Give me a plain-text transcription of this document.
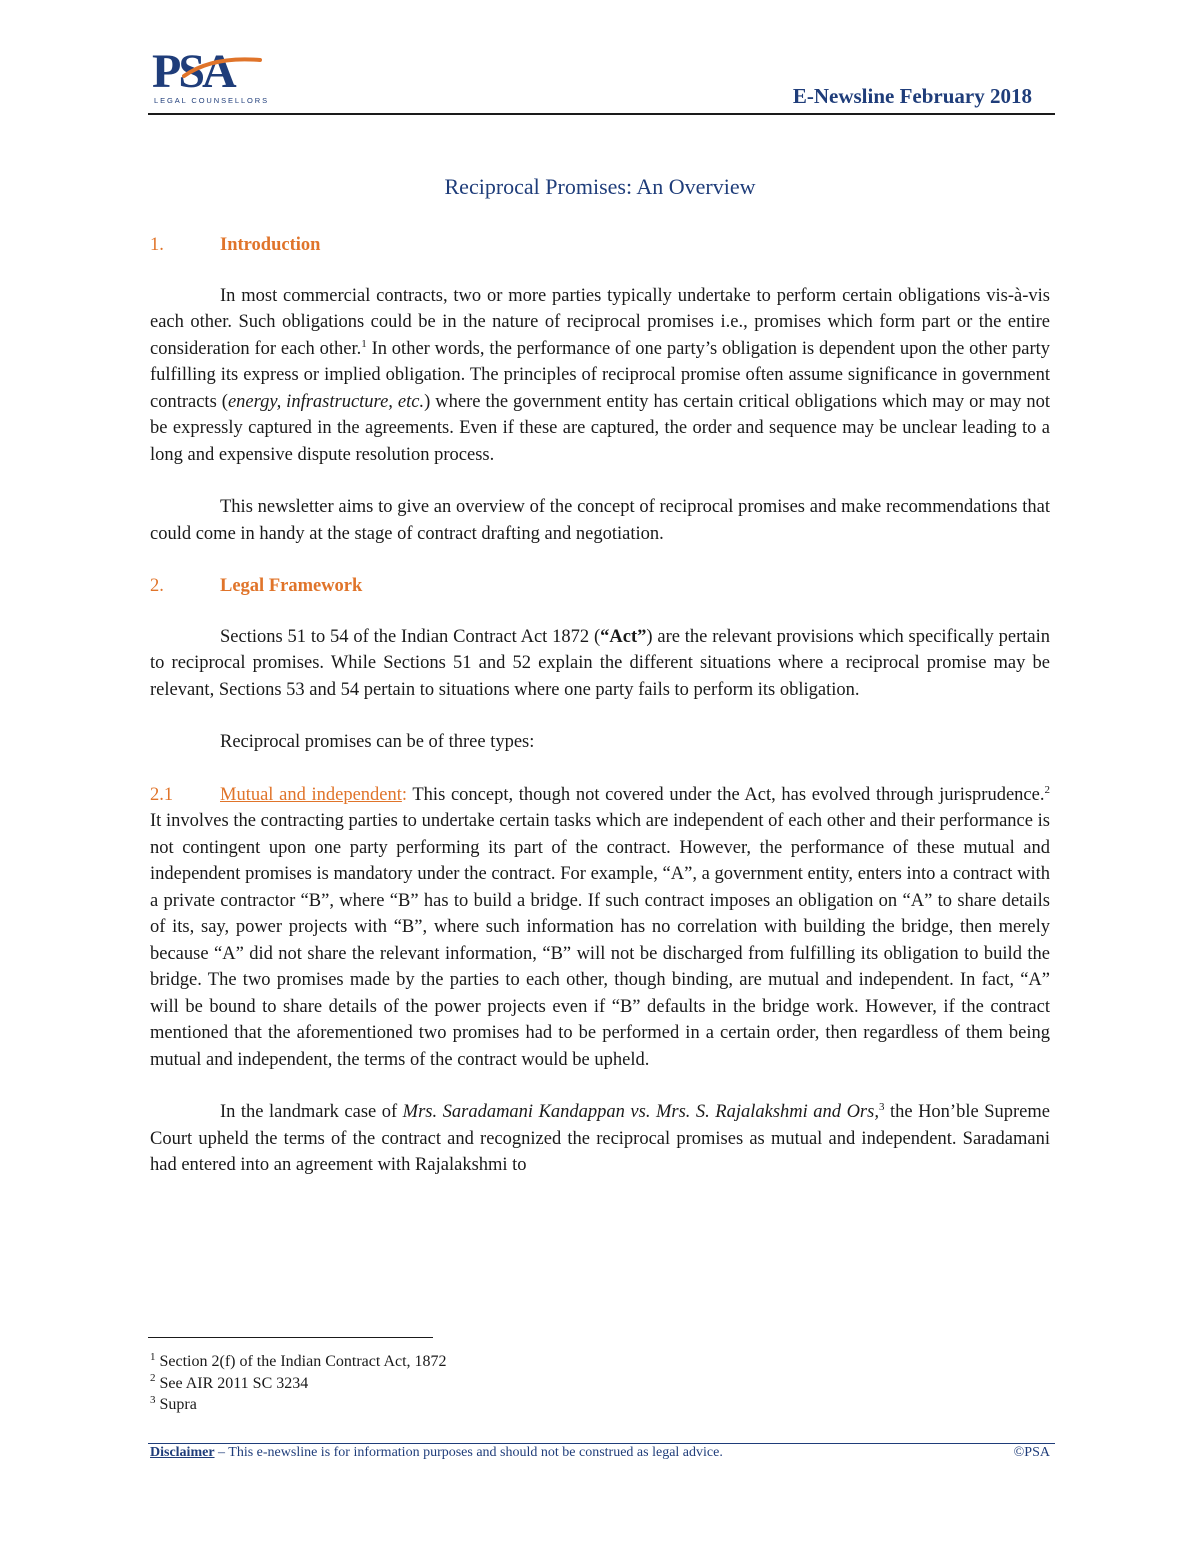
PSA
LEGAL COUNSELLORS	E-Newsline February 2018
Reciprocal Promises: An Overview

1.	Introduction

In most commercial contracts, two or more parties typically undertake to perform certain obligations vis-à-vis each other. Such obligations could be in the nature of reciprocal promises i.e., promises which form part or the entire consideration for each other.$^1$ In other words, the performance of one party’s obligation is dependent upon the other party fulfilling its express or implied obligation. The principles of reciprocal promise often assume significance in government contracts (energy, infrastructure, etc.) where the government entity has certain critical obligations which may or may not be expressly captured in the agreements. Even if these are captured, the order and sequence may be unclear leading to a long and expensive dispute resolution process.

This newsletter aims to give an overview of the concept of reciprocal promises and make recommendations that could come in handy at the stage of contract drafting and negotiation.

2.	Legal Framework

Sections 51 to 54 of the Indian Contract Act 1872 (“Act”) are the relevant provisions which specifically pertain to reciprocal promises. While Sections 51 and 52 explain the different situations where a reciprocal promise may be relevant, Sections 53 and 54 pertain to situations where one party fails to perform its obligation.

Reciprocal promises can be of three types:

2.1	Mutual and independent: This concept, though not covered under the Act, has evolved through jurisprudence.$^2$ It involves the contracting parties to undertake certain tasks which are independent of each other and their performance is not contingent upon one party performing its part of the contract. However, the performance of these mutual and independent promises is mandatory under the contract. For example, “A”, a government entity, enters into a contract with a private contractor “B”, where “B” has to build a bridge. If such contract imposes an obligation on “A” to share details of its, say, power projects with “B”, where such information has no correlation with building the bridge, then merely because “A” did not share the relevant information, “B” will not be discharged from fulfilling its obligation to build the bridge. The two promises made by the parties to each other, though binding, are mutual and independent. In fact, “A” will be bound to share details of the power projects even if “B” defaults in the bridge work. However, if the contract mentioned that the aforementioned two promises had to be performed in a certain order, then regardless of them being mutual and independent, the terms of the contract would be upheld.

In the landmark case of Mrs. Saradamani Kandappan vs. Mrs. S. Rajalakshmi and Ors,$^3$ the Hon’ble Supreme Court upheld the terms of the contract and recognized the reciprocal promises as mutual and independent. Saradamani had entered into an agreement with Rajalakshmi to

$^1$ Section 2(f) of the Indian Contract Act, 1872
$^2$ See AIR 2011 SC 3234
$^3$ Supra
Disclaimer – This e-newsline is for information purposes and should not be construed as legal advice.	©PSA
